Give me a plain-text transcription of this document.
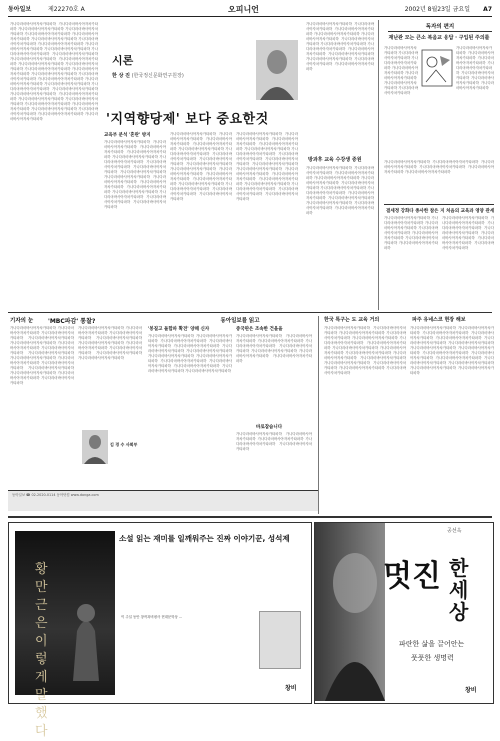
동아일보	제22270호 A	오피니언	2002년 8월23일 금요일 A7
가나다라마바사아자차카타파하 가나다라마바사아자차카타파하 가나다라마바사아자차카타파하 가나다라마바사아자차카타파하 가나다라마바사아자차카타파하 가나다라마바사아자차카타파하 가나다라마바사아자차카타파하 가나다라마바사아자차카타파하 가나다라마바사아자차카타파하 가나다라마바사아자차카타파하 가나다라마바사아자차카타파하 가나다라마바사아자차카타파하 가나다라마바사아자차카타파하 가나다라마바사아자차카타파하 가나다라마바사아자차카타파하 가나다라마바사아자차카타파하 가나다라마바사아자차카타파하 가나다라마바사아자차카타파하 가나다라마바사아자차카타파하 가나다라마바사아자차카타파하 가나다라마바사아자차카타파하 가나다라마바사아자차카타파하 가나다라마바사아자차카타파하 가나다라마바사아자차카타파하 가나다라마바사아자차카타파하 가나다라마바사아자차카타파하 가나다라마바사아자차카타파하 가나다라마바사아자차카타파하 가나다라마바사아자차카타파하 가나다라마바사아자차카타파하 가나다라마바사아자차카타파하 가나다라마바사아자차카타파하 가나다라마바사아자차카타파하 가나다라마바사아자차카타파하 가나다라마바사아자차카타파하 가나다라마바사아자차카타파하
시론
한 상 진 (한국정신문화연구원장)
'지역향당제' 보다 중요한것
교육부 분석 '혼란' 방지
가나다라마바사아자차카타파하 가나다라마바사아자차카타파하 가나다라마바사아자차카타파하 가나다라마바사아자차카타파하 가나다라마바사아자차카타파하 가나다라마바사아자차카타파하 가나다라마바사아자차카타파하 가나다라마바사아자차카타파하 가나다라마바사아자차카타파하 가나다라마바사아자차카타파하 가나다라마바사아자차카타파하 가나다라마바사아자차카타파하 가나다라마바사아자차카타파하 가나다라마바사아자차카타파하 가나다라마바사아자차카타파하 가나다라마바사아자차카타파하 가나다라마바사아자차카타파하
가나다라마바사아자차카타파하 가나다라마바사아자차카타파하 가나다라마바사아자차카타파하 가나다라마바사아자차카타파하 가나다라마바사아자차카타파하 가나다라마바사아자차카타파하 가나다라마바사아자차카타파하 가나다라마바사아자차카타파하 가나다라마바사아자차카타파하 가나다라마바사아자차카타파하 가나다라마바사아자차카타파하 가나다라마바사아자차카타파하 가나다라마바사아자차카타파하 가나다라마바사아자차카타파하 가나다라마바사아자차카타파하 가나다라마바사아자차카타파하 가나다라마바사아자차카타파하
가나다라마바사아자차카타파하 가나다라마바사아자차카타파하 가나다라마바사아자차카타파하 가나다라마바사아자차카타파하 가나다라마바사아자차카타파하 가나다라마바사아자차카타파하 가나다라마바사아자차카타파하 가나다라마바사아자차카타파하 가나다라마바사아자차카타파하 가나다라마바사아자차카타파하 가나다라마바사아자차카타파하 가나다라마바사아자차카타파하 가나다라마바사아자차카타파하 가나다라마바사아자차카타파하 가나다라마바사아자차카타파하 가나다라마바사아자차카타파하 가나다라마바사아자차카타파하
가나다라마바사아자차카타파하 가나다라마바사아자차카타파하 가나다라마바사아자차카타파하 가나다라마바사아자차카타파하 가나다라마바사아자차카타파하 가나다라마바사아자차카타파하 가나다라마바사아자차카타파하 가나다라마바사아자차카타파하 가나다라마바사아자차카타파하 가나다라마바사아자차카타파하 가나다라마바사아자차카타파하 가나다라마바사아자차카타파하 가나다라마바사아자차카타파하
방과후 교육 수강생 증원
가나다라마바사아자차카타파하 가나다라마바사아자차카타파하 가나다라마바사아자차카타파하 가나다라마바사아자차카타파하 가나다라마바사아자차카타파하 가나다라마바사아자차카타파하 가나다라마바사아자차카타파하 가나다라마바사아자차카타파하 가나다라마바사아자차카타파하 가나다라마바사아자차카타파하 가나다라마바사아자차카타파하 가나다라마바사아자차카타파하 가나다라마바사아자차카타파하
독자의 편지
재난관 모는 큰소 복음교 응답 · 구입된 주의를
가나다라마바사아자차카타파하 가나다라마바사아자차카타파하 가나다라마바사아자차카타파하 가나다라마바사아자차카타파하 가나다라마바사아자차카타파하 가나다라마바사아자차카타파하 가나다라마바사아자차카타파하
가나다라마바사아자차카타파하 가나다라마바사아자차카타파하 가나다라마바사아자차카타파하 가나다라마바사아자차카타파하 가나다라마바사아자차카타파하 가나다라마바사아자차카타파하 가나다라마바사아자차카타파하
가나다라마바사아자차카타파하 가나다라마바사아자차카타파하 가나다라마바사아자차카타파하 가나다라마바사아자차카타파하 가나다라마바사아자차카타파하 가나다라마바사아자차카타파하
결세정 강화다 종사한 참은 지 처음의 교육과 영양 관세
가나다라마바사아자차카타파하 가나다라마바사아자차카타파하 가나다라마바사아자차카타파하 가나다라마바사아자차카타파하 가나다라마바사아자차카타파하 가나다라마바사아자차카타파하 가나다라마바사아자차카타파하
가나다라마바사아자차카타파하 가나다라마바사아자차카타파하 가나다라마바사아자차카타파하 가나다라마바사아자차카타파하 가나다라마바사아자차카타파하 가나다라마바사아자차카타파하 가나다라마바사아자차카타파하
기자의 눈 'MBC파감' 통찰?
가나다라마바사아자차카타파하 가나다라마바사아자차카타파하 가나다라마바사아자차카타파하 가나다라마바사아자차카타파하 가나다라마바사아자차카타파하 가나다라마바사아자차카타파하 가나다라마바사아자차카타파하 가나다라마바사아자차카타파하 가나다라마바사아자차카타파하 가나다라마바사아자차카타파하 가나다라마바사아자차카타파하 가나다라마바사아자차카타파하 가나다라마바사아자차카타파하 가나다라마바사아자차카타파하 가나다라마바사아자차카타파하
가나다라마바사아자차카타파하 가나다라마바사아자차카타파하 가나다라마바사아자차카타파하 가나다라마바사아자차카타파하 가나다라마바사아자차카타파하 가나다라마바사아자차카타파하 가나다라마바사아자차카타파하 가나다라마바사아자차카타파하 가나다라마바사아자차카타파하
김 경 수 사회부
동아일보를 읽고
'봉질고 돌합파 확전' 양해 신자	중국판은 조속한 건을을
가나다라마바사아자차카타파하 가나다라마바사아자차카타파하 가나다라마바사아자차카타파하 가나다라마바사아자차카타파하 가나다라마바사아자차카타파하 가나다라마바사아자차카타파하 가나다라마바사아자차카타파하 가나다라마바사아자차카타파하 가나다라마바사아자차카타파하 가나다라마바사아자차카타파하 가나다라마바사아자차카타파하 가나다라마바사아자차카타파하 가나다라마바사아자차카타파하 가나다라마바사아자차카타파하
가나다라마바사아자차카타파하 가나다라마바사아자차카타파하 가나다라마바사아자차카타파하 가나다라마바사아자차카타파하 가나다라마바사아자차카타파하 가나다라마바사아자차카타파하 가나다라마바사아자차카타파하 가나다라마바사아자차카타파하
바로잡습니다
가나다라마바사아자차카타파하 가나다라마바사아자차카타파하 가나다라마바사아자차카타파하 가나다라마바사아자차카타파하 가나다라마바사아자차카타파하
한국 특구는 도 교육 거의
가나다라마바사아자차카타파하 가나다라마바사아자차카타파하 가나다라마바사아자차카타파하 가나다라마바사아자차카타파하 가나다라마바사아자차카타파하 가나다라마바사아자차카타파하 가나다라마바사아자차카타파하 가나다라마바사아자차카타파하 가나다라마바사아자차카타파하 가나다라마바사아자차카타파하 가나다라마바사아자차카타파하 가나다라마바사아자차카타파하 가나다라마바사아자차카타파하 가나다라마바사아자차카타파하 가나다라마바사아자차카타파하 가나다라마바사아자차카타파하
파주 유네스코 현장 해보
가나다라마바사아자차카타파하 가나다라마바사아자차카타파하 가나다라마바사아자차카타파하 가나다라마바사아자차카타파하 가나다라마바사아자차카타파하 가나다라마바사아자차카타파하 가나다라마바사아자차카타파하 가나다라마바사아자차카타파하 가나다라마바사아자차카타파하 가나다라마바사아자차카타파하 가나다라마바사아자차카타파하 가나다라마바사아자차카타파하 가나다라마바사아자차카타파하 가나다라마바사아자차카타파하 가나다라마바사아자차카타파하 가나다라마바사아자차카타파하
동아일보 ☎ 02-2020-0114 동아닷컴 www.donga.com
소설 읽는 재미를 일깨워주는 진짜 이야기꾼, 성석제
황만근은 이렇게 말했다
이 주일 동안 창작과비평사 현대문학상 ...
창비
공선옥
멋진 한세상
파란한 삶을 끌어안는
풋풋한 생명력
창비
